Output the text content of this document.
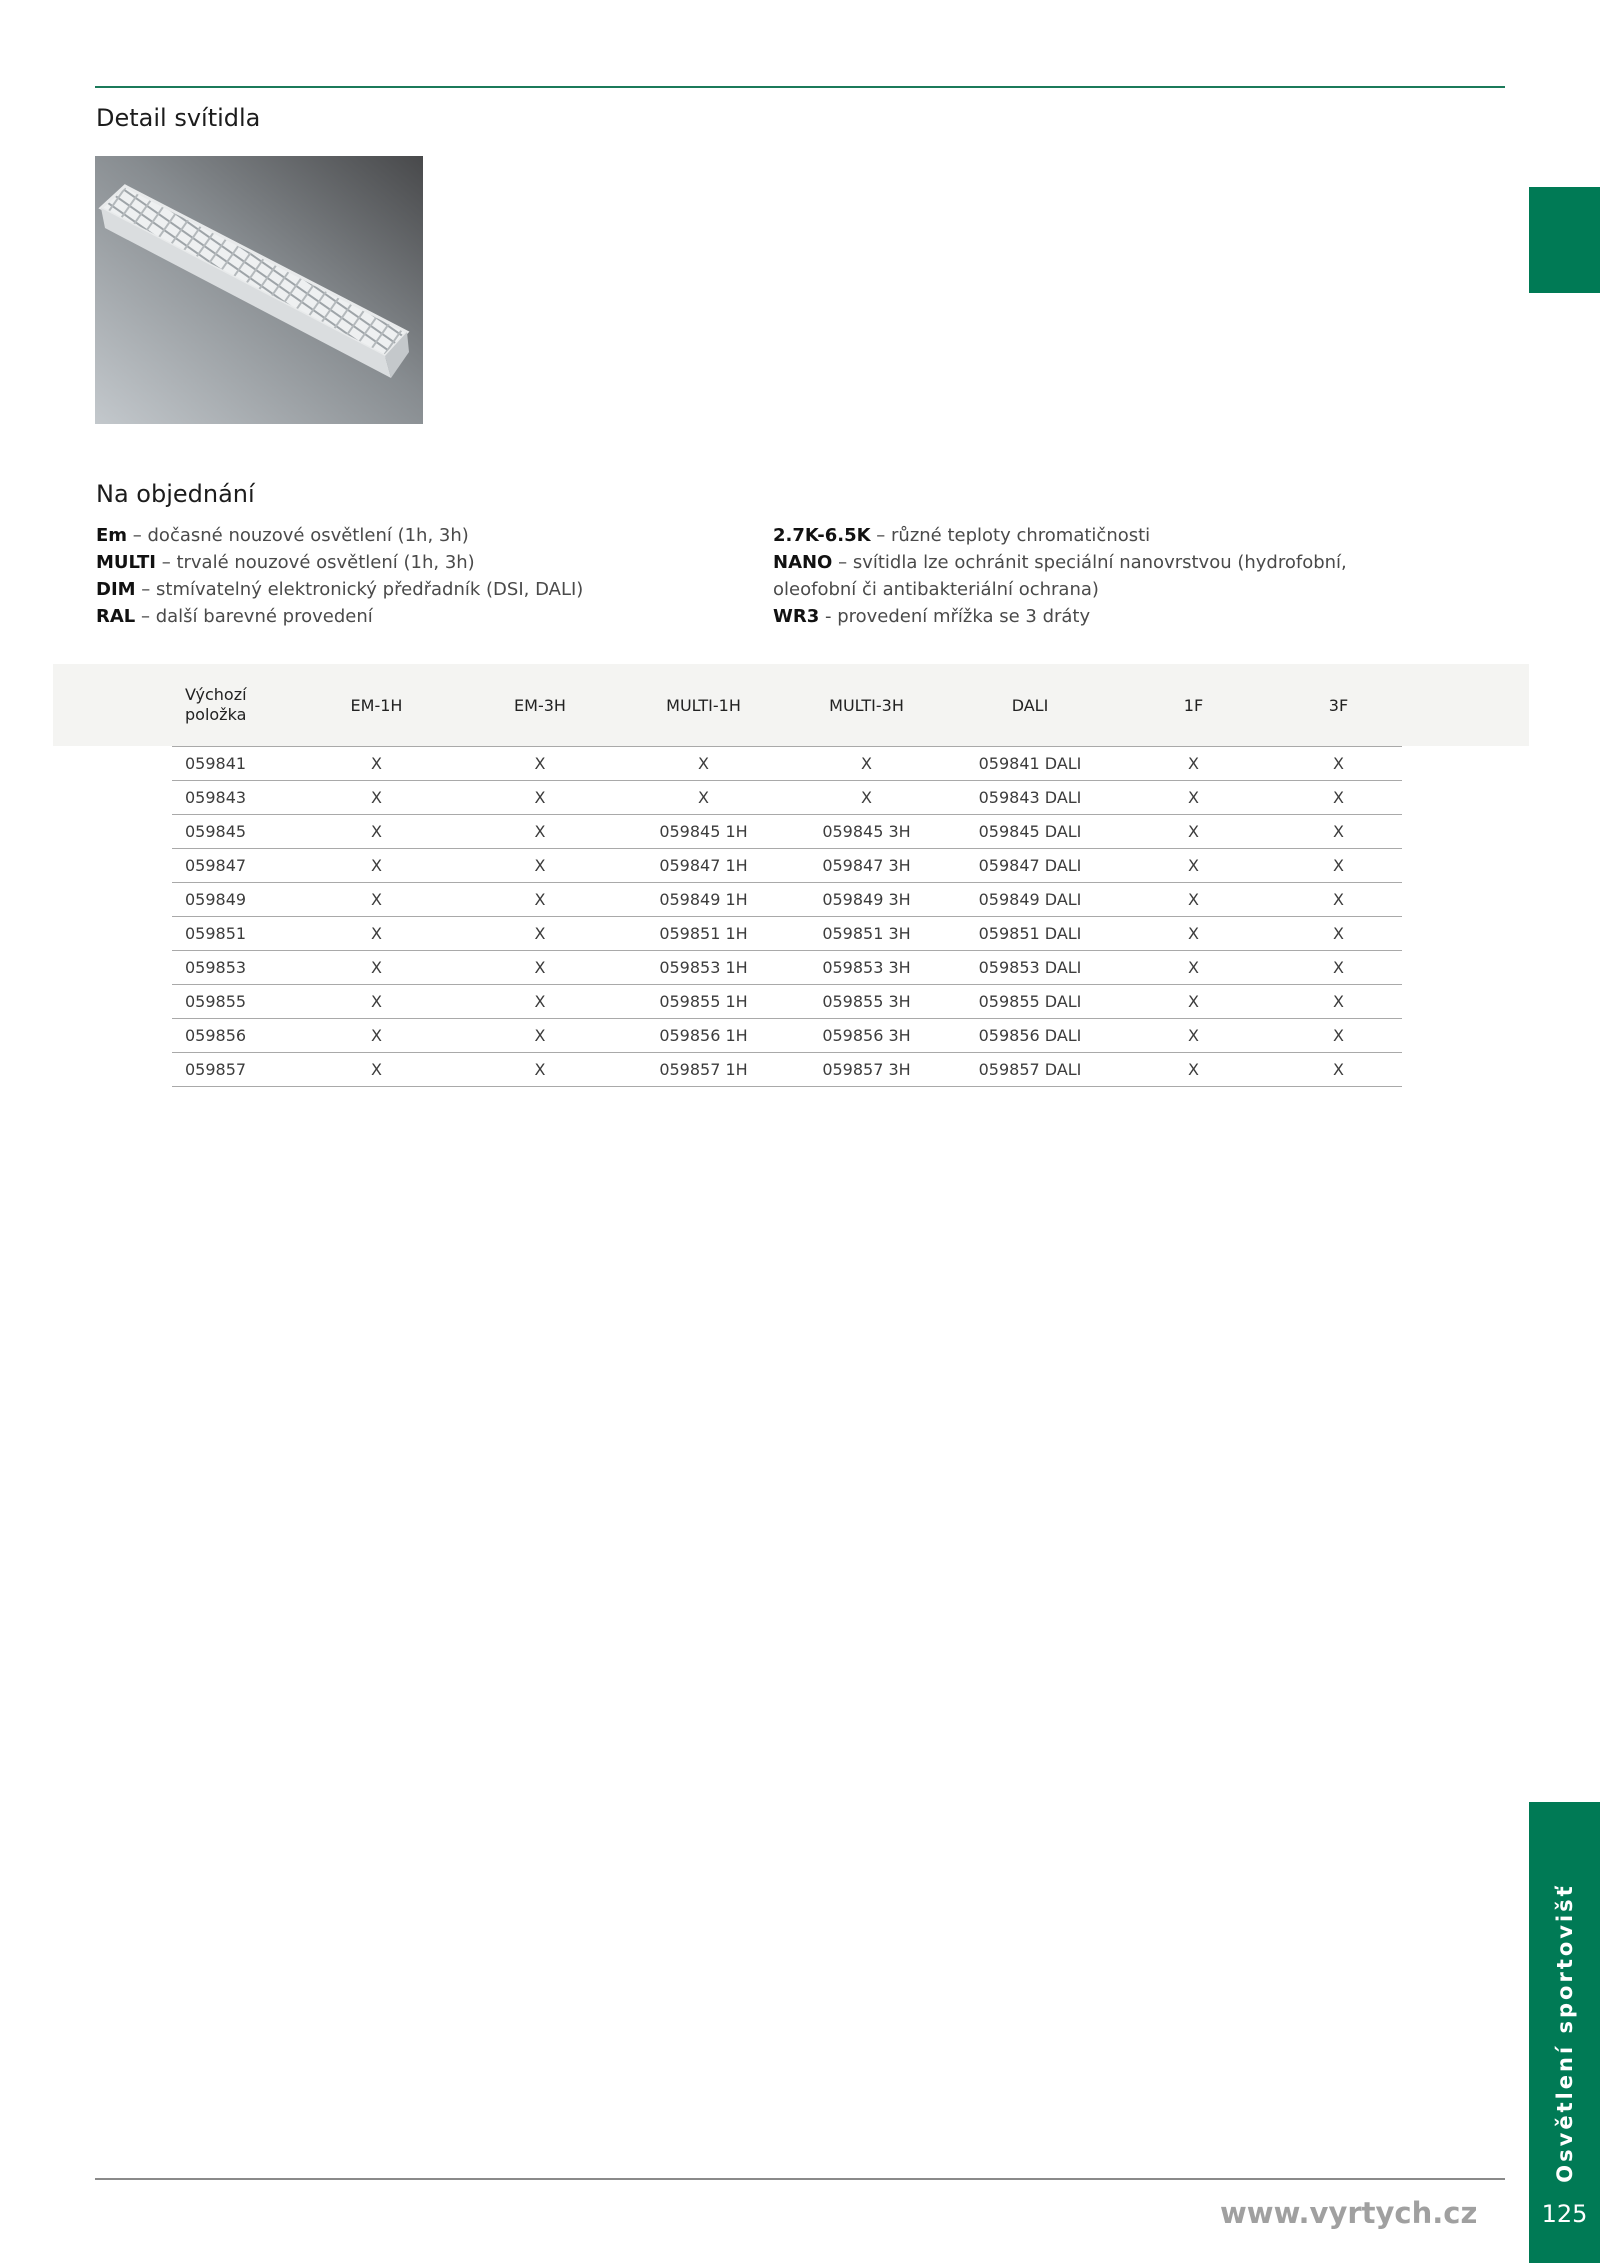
Detail svítidla
Na objednání
Em – dočasné nouzové osvětlení (1h, 3h)
MULTI – trvalé nouzové osvětlení (1h, 3h)
DIM – stmívatelný elektronický předřadník (DSI, DALI)
RAL – další barevné provedení
2.7K-6.5K – různé teploty chromatičnosti
NANO – svítidla lze ochránit speciální nanovrstvou (hydrofobní,
oleofobní či antibakteriální ochrana)
WR3 - provedení mřížka se 3 dráty
Výchozí
položka	EM-1H	EM-3H	MULTI-1H	MULTI-3H	DALI	1F	3F
059841	X	X	X	X	059841 DALI	X	X
059843	X	X	X	X	059843 DALI	X	X
059845	X	X	059845 1H	059845 3H	059845 DALI	X	X
059847	X	X	059847 1H	059847 3H	059847 DALI	X	X
059849	X	X	059849 1H	059849 3H	059849 DALI	X	X
059851	X	X	059851 1H	059851 3H	059851 DALI	X	X
059853	X	X	059853 1H	059853 3H	059853 DALI	X	X
059855	X	X	059855 1H	059855 3H	059855 DALI	X	X
059856	X	X	059856 1H	059856 3H	059856 DALI	X	X
059857	X	X	059857 1H	059857 3H	059857 DALI	X	X
Osvětlení sportovišť
www.vyrtych.cz	125
